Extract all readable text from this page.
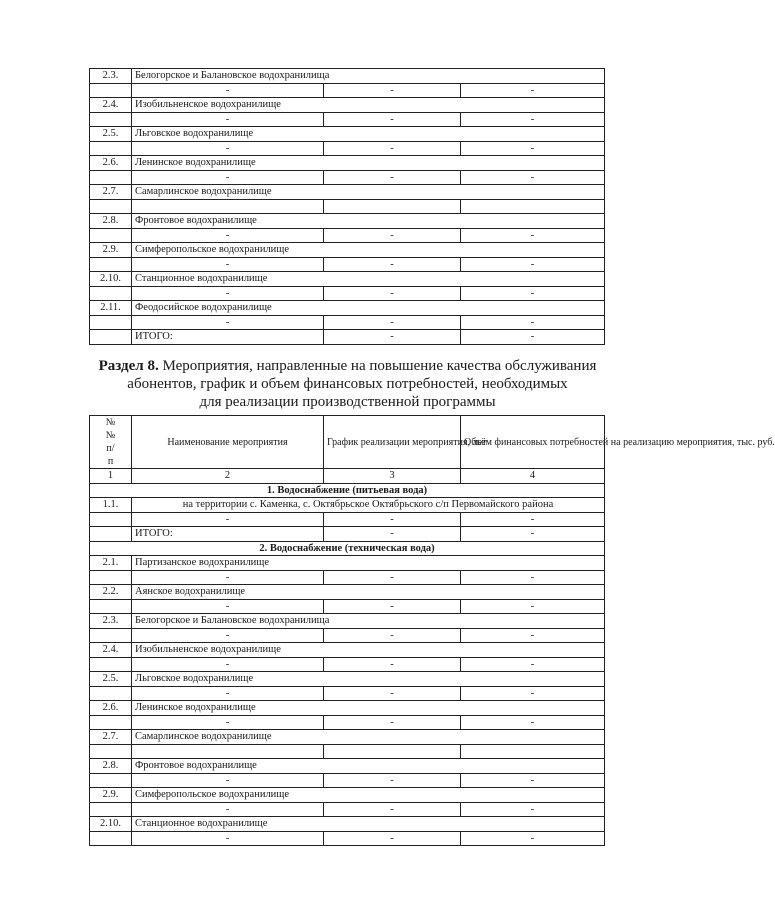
2.3.	Белогорское и Балановское водохранилища		
	-	-	-
2.4.	Изобильненское водохранилище		
	-	-	-
2.5.	Льговское водохранилище		
	-	-	-
2.6.	Ленинское водохранилище		
	-	-	-
2.7.	Самарлинское водохранилище		

2.8.	Фронтовое водохранилище		
	-	-	-
2.9.	Симферопольское водохранилище		
	-	-	-
2.10.	Станционное водохранилище		
	-	-	-
2.11.	Феодосийское водохранилище		
	-	-	-
	ИТОГО:	-	-
Раздел 8. Мероприятия, направленные на повышение качества обслуживания
абонентов, график и объем финансовых потребностей, необходимых
для реализации производственной программы
№
№
п/
п	Наименование мероприятия	График реализации мероприятия, лет	Объём финансовых потребностей на реализацию мероприятия, тыс. руб.
1	2	3	4
1. Водоснабжение (питьевая вода)			
1.1.	на территории с. Каменка, с. Октябрьское Октябрьского с/п Первомайского района		
	-	-	-
	ИТОГО:	-	-
2. Водоснабжение (техническая вода)			
2.1.	Партизанское водохранилище		
	-	-	-
2.2.	Аянское водохранилище		
	-	-	-
2.3.	Белогорское и Балановское водохранилища		
	-	-	-
2.4.	Изобильненское водохранилище		
	-	-	-
2.5.	Льговское водохранилище		
	-	-	-
2.6.	Ленинское водохранилище		
	-	-	-
2.7.	Самарлинское водохранилище		

2.8.	Фронтовое водохранилище		
	-	-	-
2.9.	Симферопольское водохранилище		
	-	-	-
2.10.	Станционное водохранилище		
	-	-	-
